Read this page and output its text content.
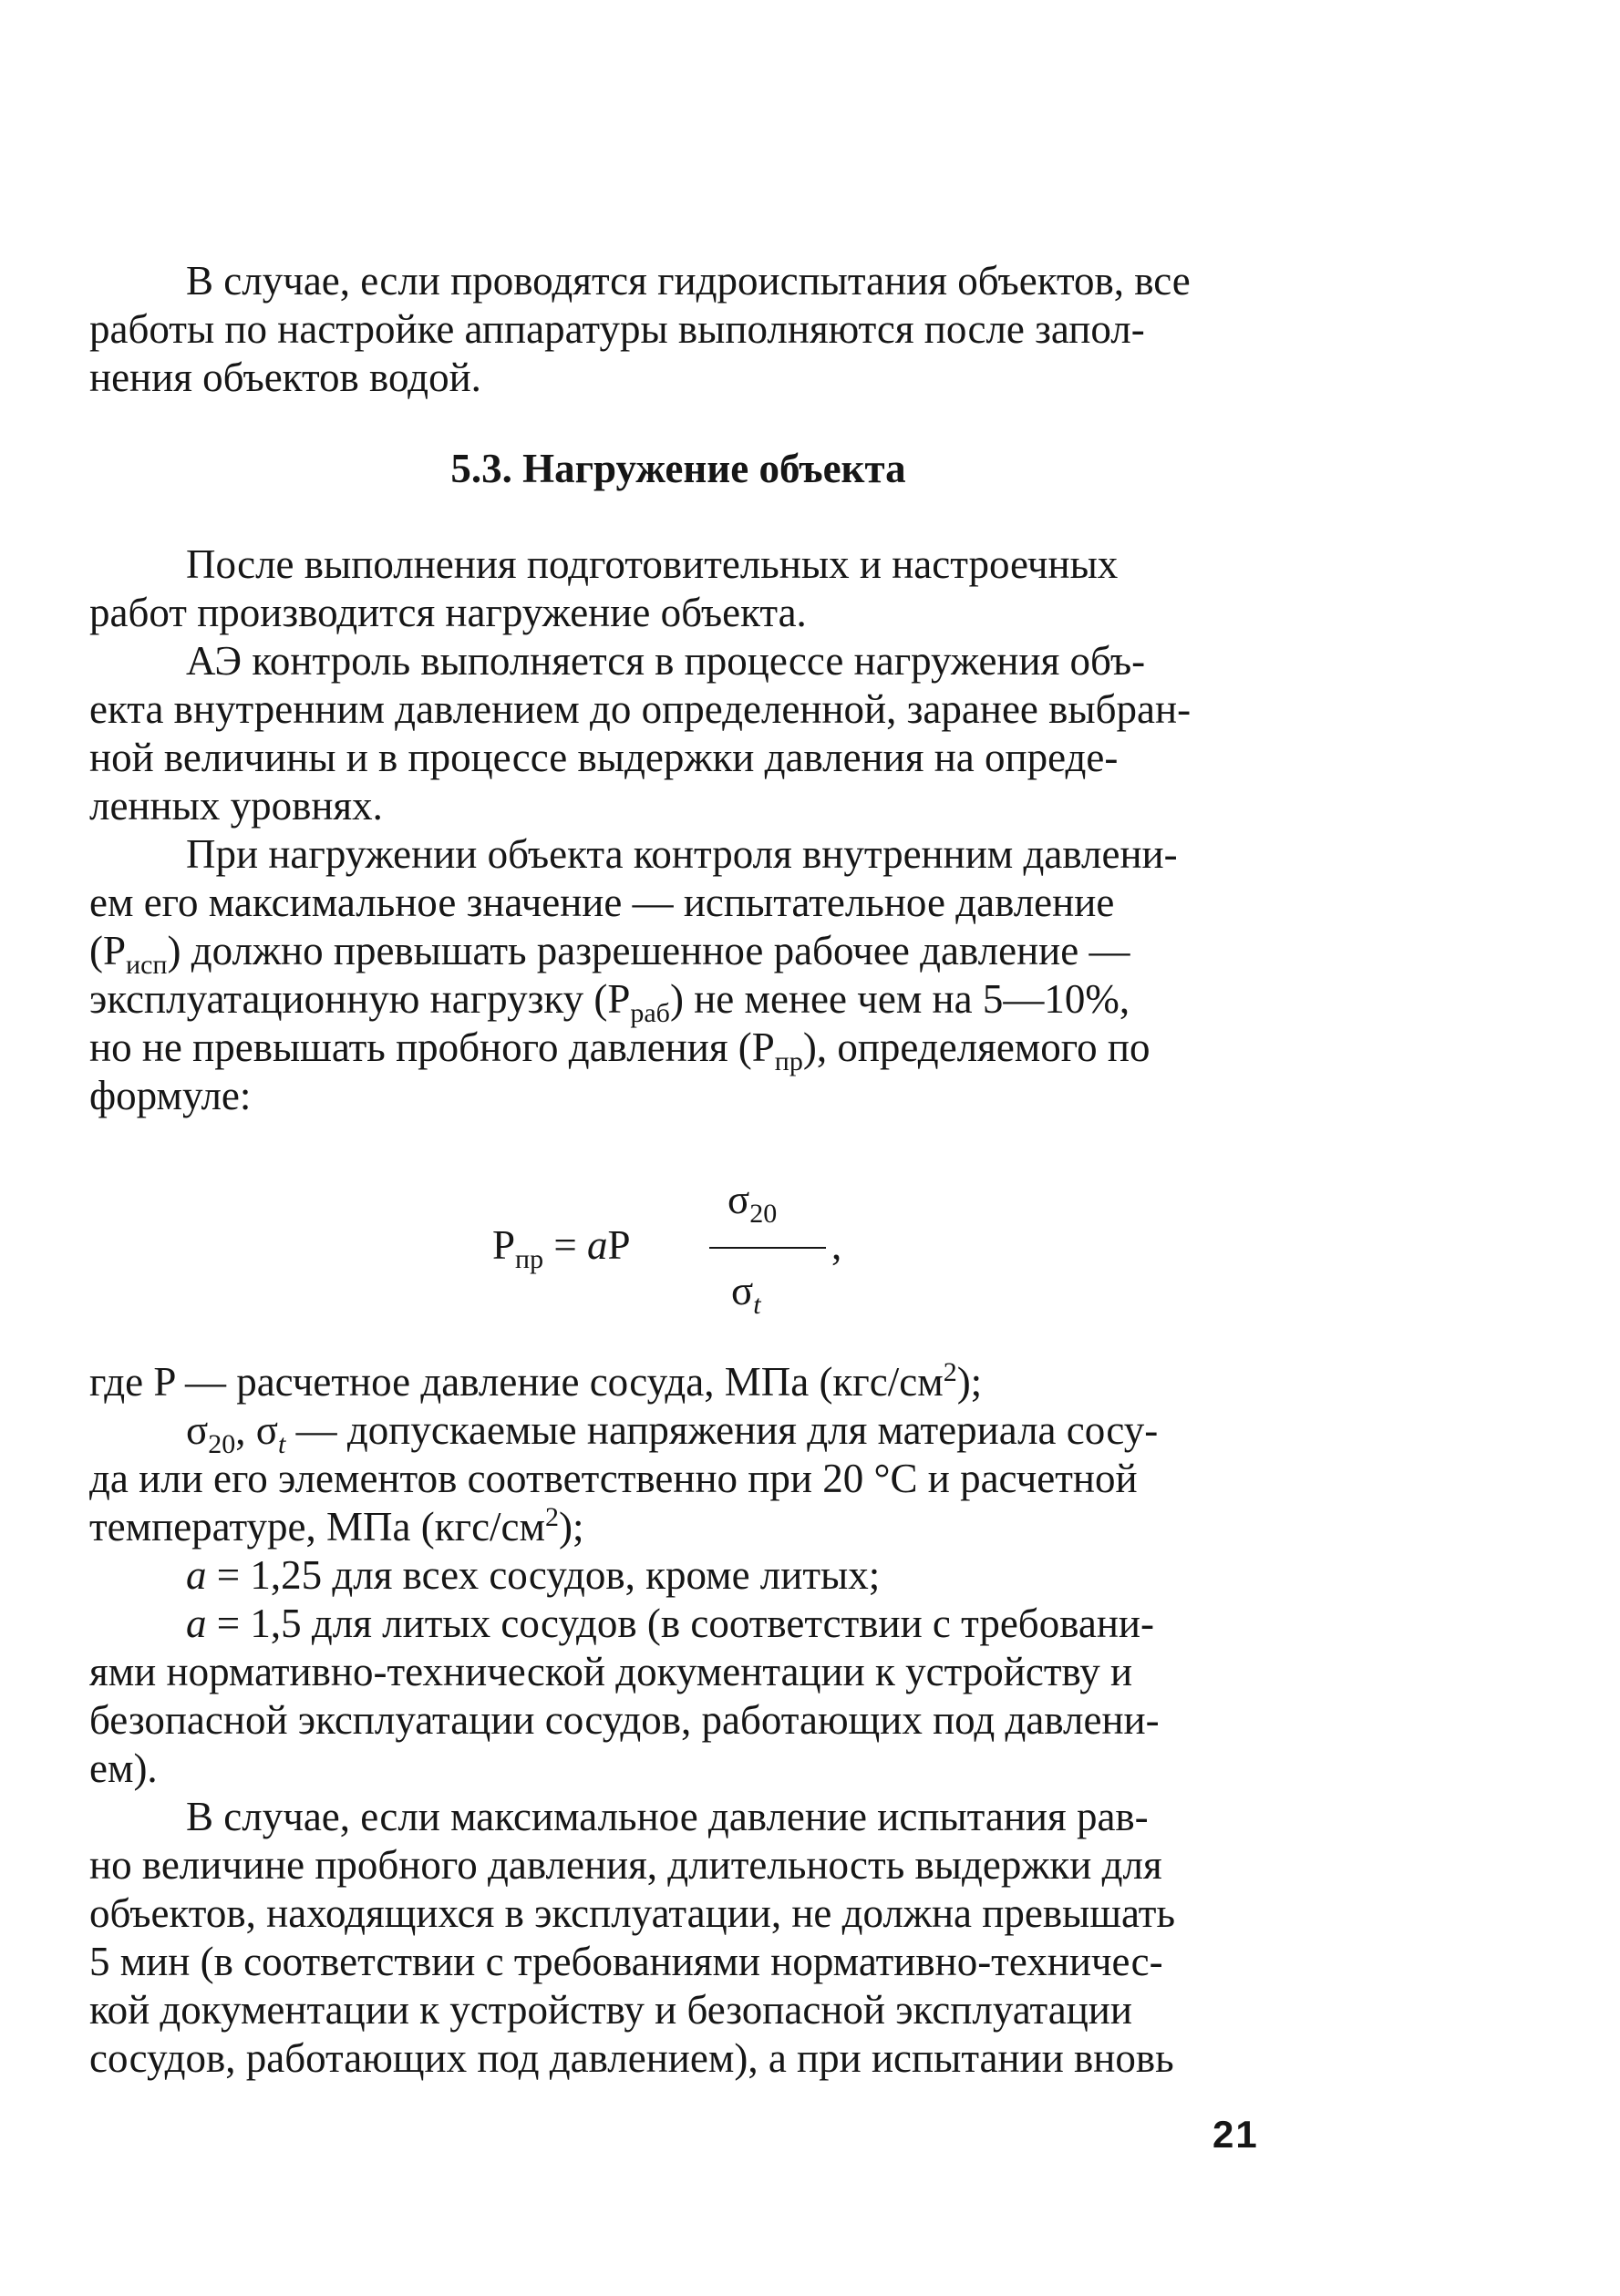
В случае, если проводятся гидроиспытания объектов, все
работы по настройке аппаратуры выполняются после запол-
нения объектов водой.

5.3. Нагружение объекта

После выполнения подготовительных и настроечных
работ производится нагружение объекта.

АЭ контроль выполняется в процессе нагружения объ-
екта внутренним давлением до определенной, заранее выбран-
ной величины и в процессе выдержки давления на опреде-
ленных уровнях.

При нагружении объекта контроля внутренним давлени-
ем его максимальное значение — испытательное давление
$(P_{исп})$ должно превышать разрешенное рабочее давление —
эксплуатационную нагрузку $(P_{раб})$ не менее чем на 5—10%,
но не превышать пробного давления $(P_{пр})$, определяемого по
формуле:

$P_{пр}$ = aP
$\sigma_{20}$
,
$\sigma_t$

где P — расчетное давление сосуда, МПа $(кгс/см^2)$;

$\sigma_{20}$, $\sigma_t$ — допускаемые напряжения для материала сосу-
да или его элементов соответственно при 20 °C и расчетной
температуре, МПа $(кгс/см^2)$;

a = 1,25 для всех сосудов, кроме литых;

a = 1,5 для литых сосудов (в соответствии с требовани-
ями нормативно-технической документации к устройству и
безопасной эксплуатации сосудов, работающих под давлени-
ем).

В случае, если максимальное давление испытания рав-
но величине пробного давления, длительность выдержки для
объектов, находящихся в эксплуатации, не должна превышать
5 мин (в соответствии с требованиями нормативно-техничес-
кой документации к устройству и безопасной эксплуатации
сосудов, работающих под давлением), а при испытании вновь

21
